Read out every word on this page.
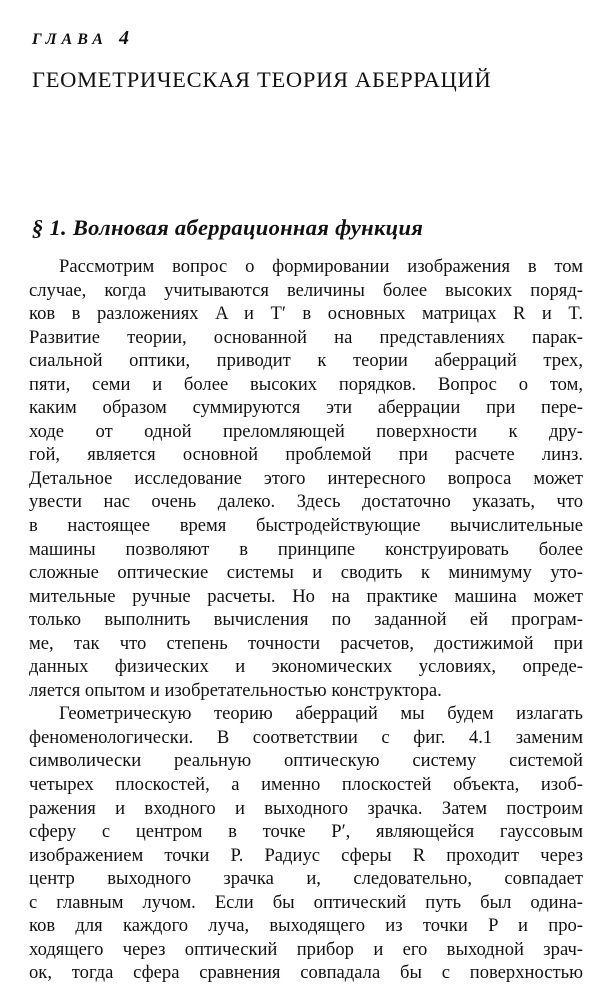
ГЛАВА 4
ГЕОМЕТРИЧЕСКАЯ ТЕОРИЯ АБЕРРАЦИЙ
§ 1. Волновая аберрационная функция
Рассмотрим вопрос о формировании изображения в том
случае, когда учитываются величины более высоких поряд-
ков в разложениях A и T′ в основных матрицах R и T.
Развитие теории, основанной на представлениях парак-
сиальной оптики, приводит к теории аберраций трех,
пяти, семи и более высоких порядков. Вопрос о том,
каким образом суммируются эти аберрации при пере-
ходе от одной преломляющей поверхности к дру-
гой, является основной проблемой при расчете линз.
Детальное исследование этого интересного вопроса может
увести нас очень далеко. Здесь достаточно указать, что
в настоящее время быстродействующие вычислительные
машины позволяют в принципе конструировать более
сложные оптические системы и сводить к минимуму уто-
мительные ручные расчеты. Но на практике машина может
только выполнить вычисления по заданной ей програм-
ме, так что степень точности расчетов, достижимой при
данных физических и экономических условиях, опреде-
ляется опытом и изобретательностью конструктора.
Геометрическую теорию аберраций мы будем излагать
феноменологически. В соответствии с фиг. 4.1 заменим
символически реальную оптическую систему системой
четырех плоскостей, а именно плоскостей объекта, изоб-
ражения и входного и выходного зрачка. Затем построим
сферу с центром в точке P′, являющейся гауссовым
изображением точки P. Радиус сферы R проходит через
центр выходного зрачка и, следовательно, совпадает
с главным лучом. Если бы оптический путь был одина-
ков для каждого луча, выходящего из точки P и про-
ходящего через оптический прибор и его выходной зрач-
ок, тогда сфера сравнения совпадала бы с поверхностью
